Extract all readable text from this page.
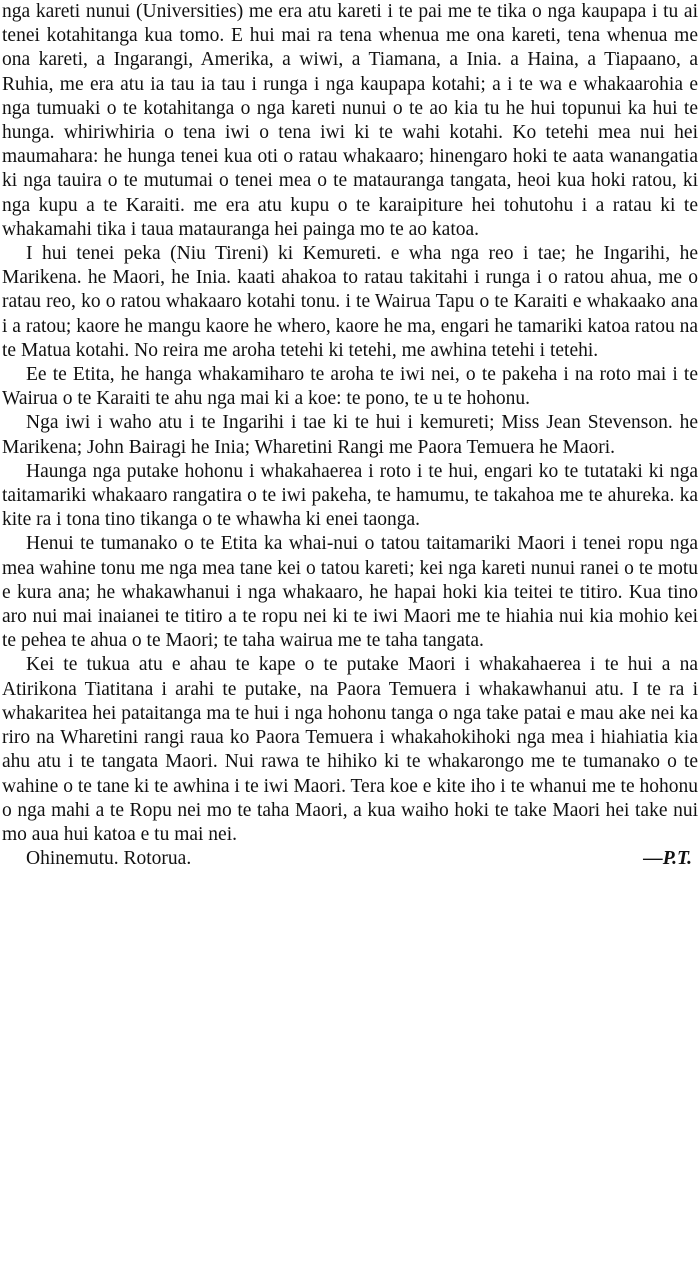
nga kareti nunui (Universities) me era atu kareti i te pai me te tika o nga kaupapa i tu ai tenei kotahitanga kua tomo. E hui mai ra tena whenua me ona kareti, tena whenua me ona kareti, a Ingarangi, Amerika, a wiwi, a Tiamana, a Inia. a Haina, a Tiapaano, a Ruhia, me era atu ia tau ia tau i runga i nga kaupapa kotahi; a i te wa e whakaarohia e nga tumuaki o te kotahitanga o nga kareti nunui o te ao kia tu he hui topunui ka hui te hunga. whiriwhiria o tena iwi o tena iwi ki te wahi kotahi. Ko tetehi mea nui hei maumahara: he hunga tenei kua oti o ratau whakaaro; hinengaro hoki te aata wanangatia ki nga tauira o te mutumai o tenei mea o te matauranga tangata, heoi kua hoki ratou, ki nga kupu a te Karaiti. me era atu kupu o te karaipiture hei tohutohu i a ratau ki te whakamahi tika i taua matauranga hei painga mo te ao katoa.

I hui tenei peka (Niu Tireni) ki Kemureti. e wha nga reo i tae; he Ingarihi, he Marikena. he Maori, he Inia. kaati ahakoa to ratau takitahi i runga i o ratou ahua, me o ratau reo, ko o ratou whakaaro kotahi tonu. i te Wairua Tapu o te Karaiti e whakaako ana i a ratou; kaore he mangu kaore he whero, kaore he ma, engari he tamariki katoa ratou na te Matua kotahi. No reira me aroha tetehi ki tetehi, me awhina tetehi i tetehi.

Ee te Etita, he hanga whakamiharo te aroha te iwi nei, o te pakeha i na roto mai i te Wairua o te Karaiti te ahu nga mai ki a koe: te pono, te u te hohonu.

Nga iwi i waho atu i te Ingarihi i tae ki te hui i kemureti; Miss Jean Stevenson. he Marikena; John Bairagi he Inia; Wharetini Rangi me Paora Temuera he Maori.

Haunga nga putake hohonu i whakahaerea i roto i te hui, engari ko te tutataki ki nga taitamariki whakaaro rangatira o te iwi pakeha, te hamumu, te takahoa me te ahureka. ka kite ra i tona tino tikanga o te whawha ki enei taonga.

Henui te tumanako o te Etita ka whai-nui o tatou taitamariki Maori i tenei ropu nga mea wahine tonu me nga mea tane kei o tatou kareti; kei nga kareti nunui ranei o te motu e kura ana; he whakawhanui i nga whakaaro, he hapai hoki kia teitei te titiro. Kua tino aro nui mai inaianei te titiro a te ropu nei ki te iwi Maori me te hiahia nui kia mohio kei te pehea te ahua o te Maori; te taha wairua me te taha tangata.

Kei te tukua atu e ahau te kape o te putake Maori i whakahaerea i te hui a na Atirikona Tiatitana i arahi te putake, na Paora Temuera i whakawhanui atu. I te ra i whakaritea hei pataitanga ma te hui i nga hohonu tanga o nga take patai e mau ake nei ka riro na Wharetini rangi raua ko Paora Temuera i whakahokihoki nga mea i hiahiatia kia ahu atu i te tangata Maori. Nui rawa te hihiko ki te whakarongo me te tumanako o te wahine o te tane ki te awhina i te iwi Maori. Tera koe e kite iho i te whanui me te hohonu o nga mahi a te Ropu nei mo te taha Maori, a kua waiho hoki te take Maori hei take nui mo aua hui katoa e tu mai nei.

Ohinemutu. Rotorua.	—P.T.
